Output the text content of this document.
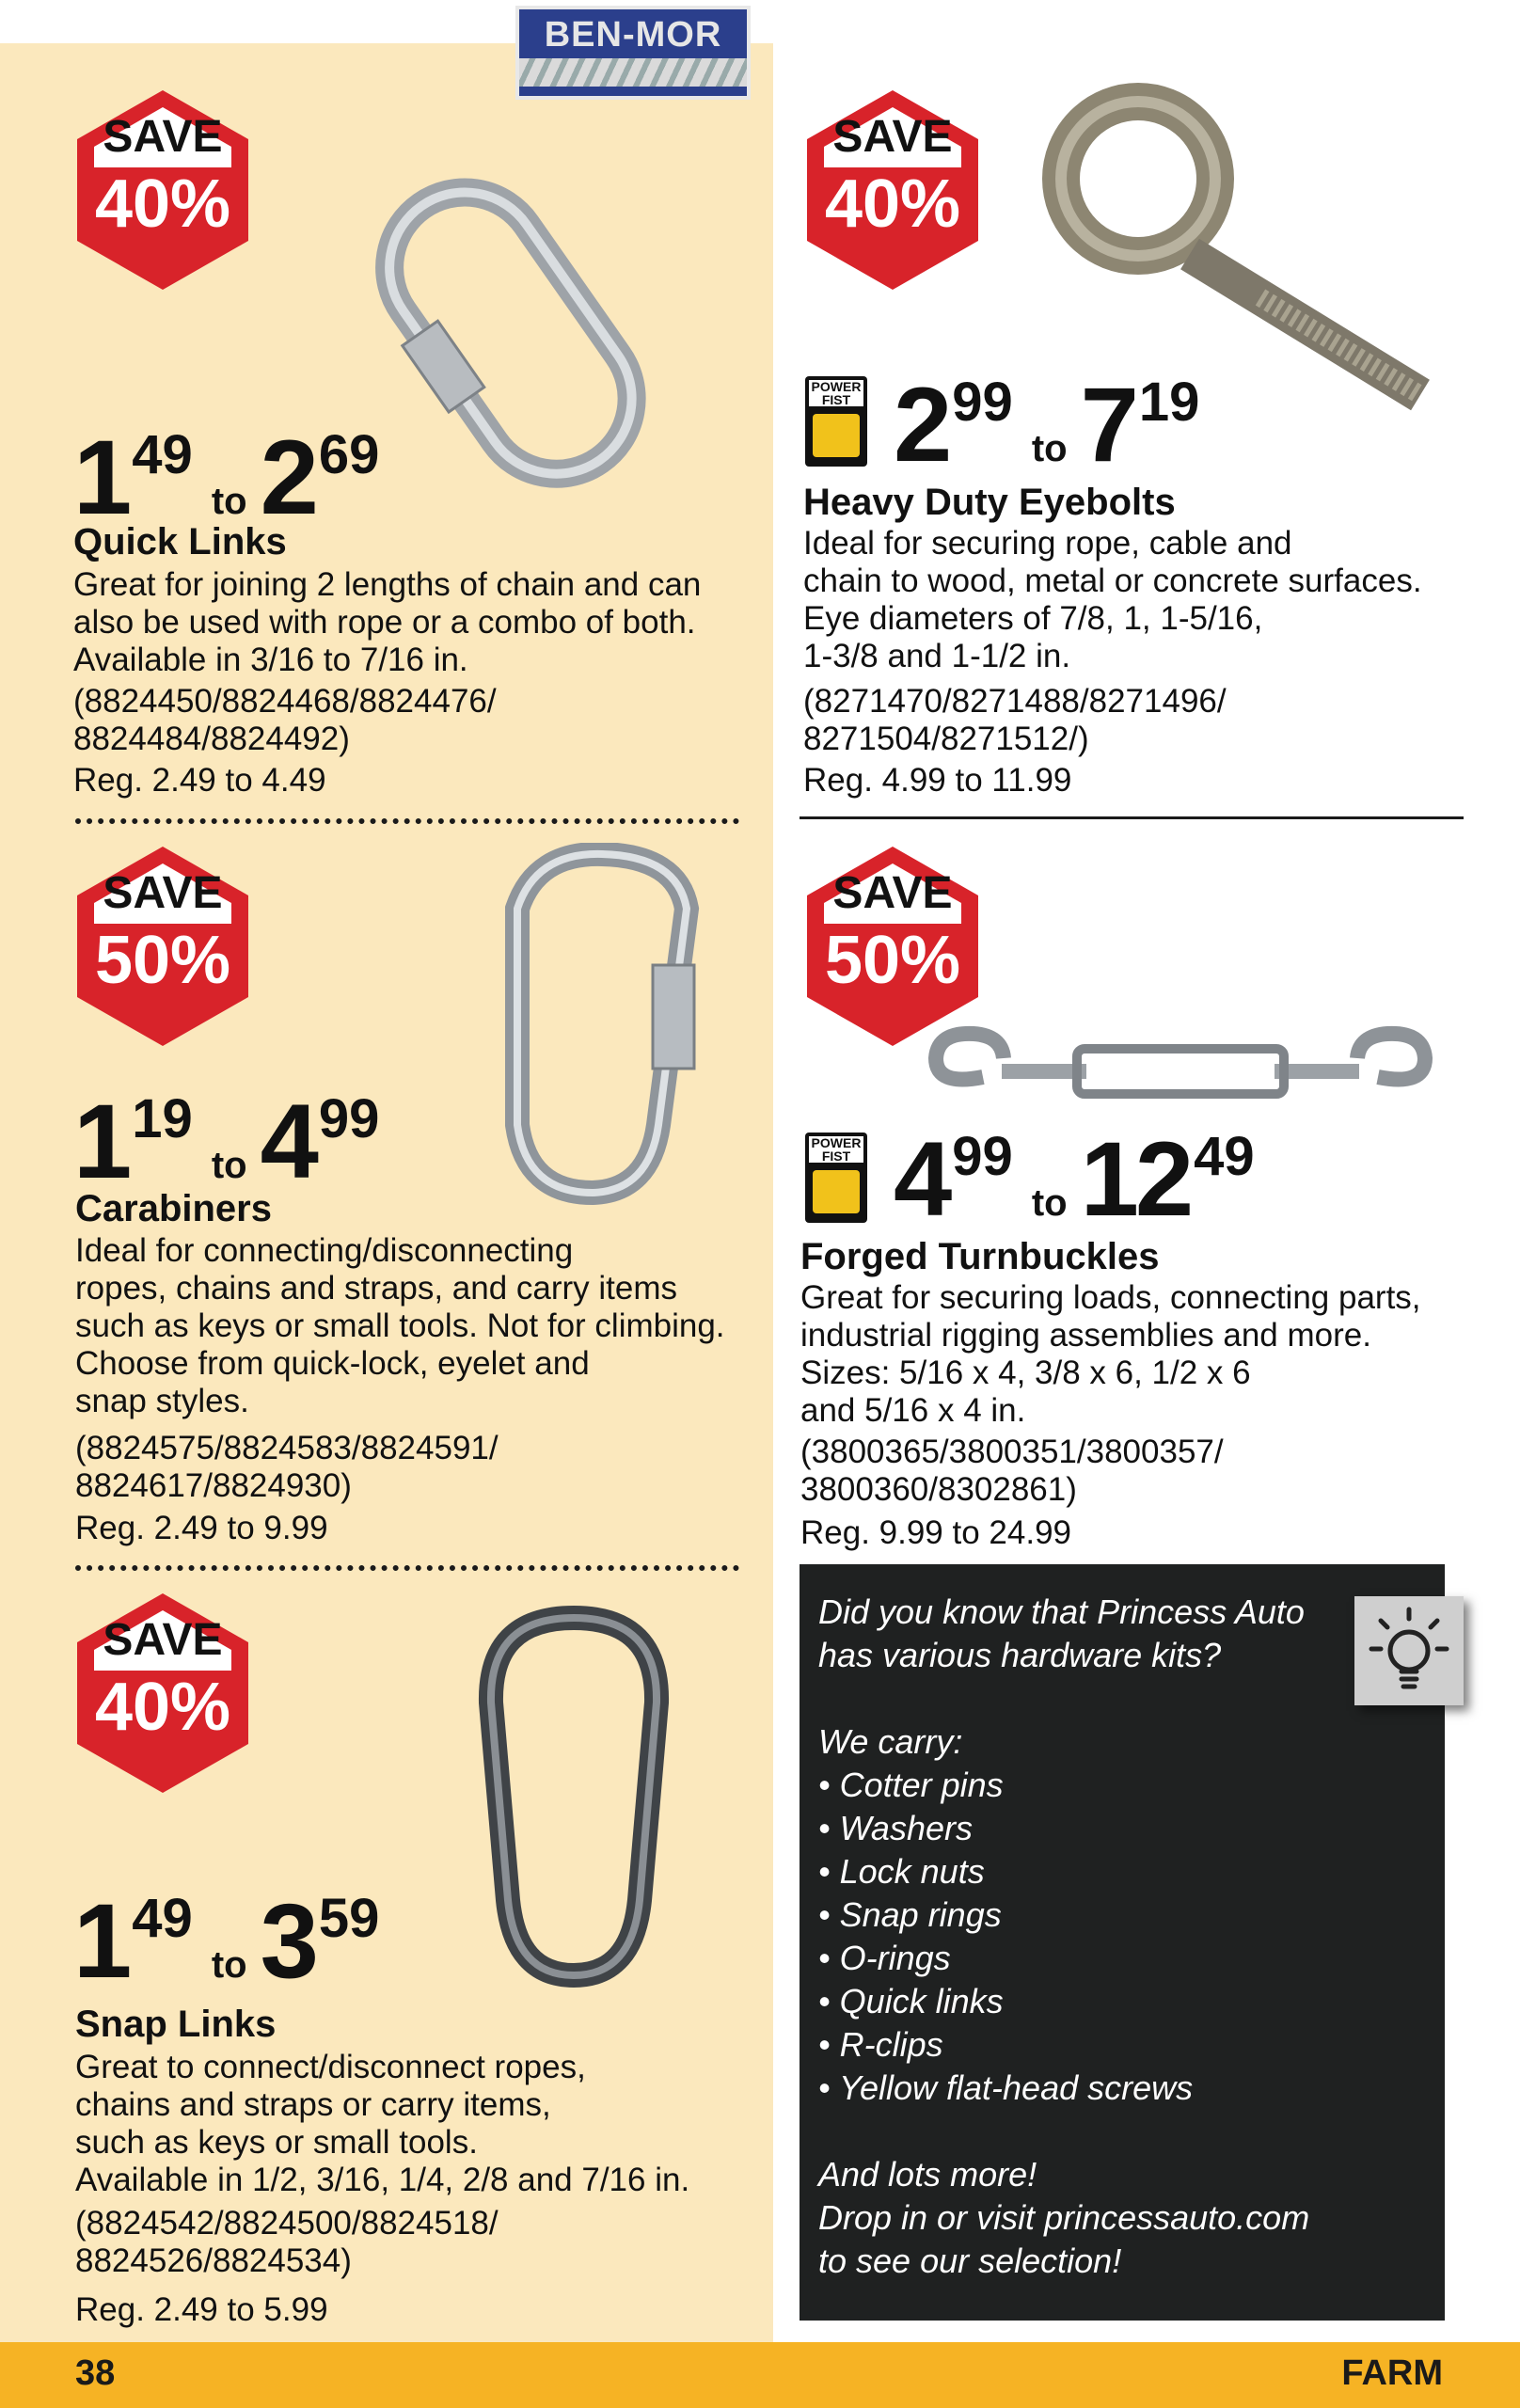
BEN-MOR
SAVE
40%
$1^{49}to$ $2^{69}$
Quick Links
Great for joining 2 lengths of chain and can
also be used with rope or a combo of both.
Available in 3/16 to 7/16 in.
(8824450/8824468/8824476/
8824484/8824492)
Reg. 2.49 to 4.49
SAVE
40%
POWER FIST $2^{99}to$ $7^{19}$
Heavy Duty Eyebolts
Ideal for securing rope, cable and
chain to wood, metal or concrete surfaces.
Eye diameters of 7/8, 1, 1-5/16,
1-3/8 and 1-1/2 in.
(8271470/8271488/8271496/
8271504/8271512/)
Reg. 4.99 to 11.99
SAVE
50%
$1^{19}to$ $4^{99}$
Carabiners
Ideal for connecting/disconnecting
ropes, chains and straps, and carry items
such as keys or small tools. Not for climbing.
Choose from quick-lock, eyelet and
snap styles.
(8824575/8824583/8824591/
8824617/8824930)
Reg. 2.49 to 9.99
SAVE
50%
POWER FIST $4^{99}to$ $12^{49}$
Forged Turnbuckles
Great for securing loads, connecting parts,
industrial rigging assemblies and more.
Sizes: 5/16 x 4, 3/8 x 6, 1/2 x 6
and 5/16 x 4 in.
(3800365/3800351/3800357/
3800360/8302861)
Reg. 9.99 to 24.99
SAVE
40%
$1^{49}to$ $3^{59}$
Snap Links
Great to connect/disconnect ropes,
chains and straps or carry items,
such as keys or small tools.
Available in 1/2, 3/16, 1/4, 2/8 and 7/16 in.
(8824542/8824500/8824518/
8824526/8824534)
Reg. 2.49 to 5.99
Did you know that Princess Auto
has various hardware kits?

We carry:
• Cotter pins
• Washers
• Lock nuts
• Snap rings
• O-rings
• Quick links
• R-clips
• Yellow flat-head screws

And lots more!
Drop in or visit princessauto.com
to see our selection!
38	FARM
